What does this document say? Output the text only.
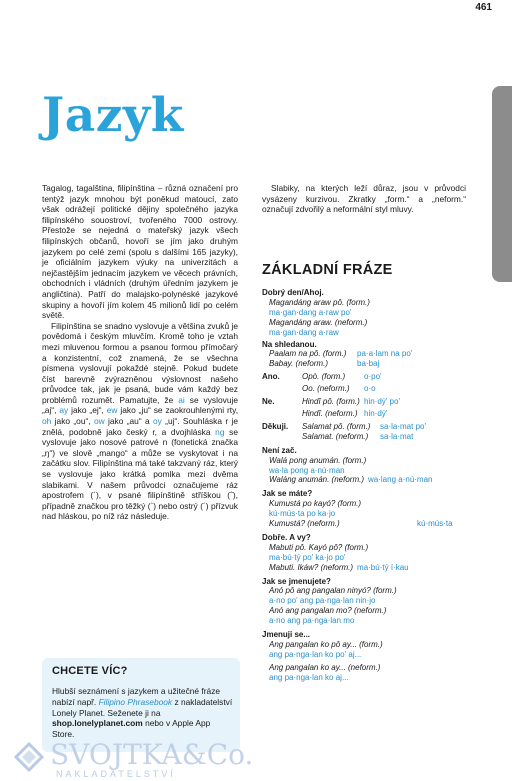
461
Jazyk

Tagalog, tagalština, filipínština – různá označení pro tentýž jazyk mnohou být poněkud matoucí, zato však odrážejí politické dějiny společného jazyka filipínského souostroví, tvořeného 7000 ostrovy. Přestože se nejedná o mateřský jazyk všech filipínských občanů, hovoří se jím jako druhým jazykem po celé zemi (spolu s dalšími 165 jazyky), je oficiálním jazykem výuky na univerzitách a nejčastějším jednacím jazykem ve věcech právních, obchodních i vládních (druhým úředním jazykem je angličtina). Patří do malajsko-polynéské jazykové skupiny a hovoří jím kolem 45 milionů lidí po celém světě.

Filipínština se snadno vyslovuje a většina zvuků je povědomá i českým mluvčím. Kromě toho je vztah mezi mluvenou formou a psanou formou přímočarý a konzistentní, což znamená, že se všechna písmena vyslovují pokaždé stejně. Pokud budete číst barevně zvýrazněnou výslovnost našeho průvodce tak, jak je psaná, bude vám každý bez problémů rozumět. Pamatujte, že ai se vyslovuje „aj“, ay jako „ej“, ew jako „ju“ se zaokrouhlenými rty, oh jako „ou“, ow jako „au“ a oy „uj“. Souhláska r je znělá, podobně jako český r, a dvojhláska ng se vyslovuje jako nosové patrové n (fonetická značka „ŋ“) ve slově „mango“ a může se vyskytovat i na začátku slov. Filipínština má také takzvaný ráz, který se vyslovuje jako krátká pomlka mezi dvěma slabikami. V našem průvodci označujeme ráz apostrofem (´), v psané filipínštině stříškou (ˆ), případně značkou pro těžký (`) nebo ostrý (´) přízvuk nad hláskou, po níž ráz následuje.

CHCETE VÍC?
Hlubší seznámení s jazykem a užitečné fráze nabízí např. Filipino Phrasebook z nakladatelství Lonely Planet. Seženete ji na shop.lonelyplanet.com nebo v Apple App Store.

Slabiky, na kterých leží důraz, jsou v průvodci vysázeny kurzivou. Zkratky „form.“ a „neform.“ označují zdvořilý a neformální styl mluvy.

ZÁKLADNÍ FRÁZE
Dobrý den/Ahoj.
Magandáng araw pô. (form.)
ma·gan·dang a·raw po'
Magandáng araw. (neform.)
ma·gan·dang a·raw
Na shledanou.
Paalam na pô. (form.)	pa·a·lam na po'
Babay. (neform.)	ba·baj
Ano.	Opò. (form.)	o·po'
Oo. (neform.)	o·o
Ne.	Hindî pô. (form.) hin·dý' po'
Hindî. (neform.) hin·dý'
Děkuji.	Salamat pô. (form.)	sa·la·mat po'
Salamat. (neform.)	sa·la·mat
Není zač.
Walá pong anumán. (form.)
wa·la pong a·nú·man
Waláng anumán. (neform.) wa·lang a·nú·man
Jak se máte?
Kumustá po kayó? (form.)
kú·mús·ta po ka·jo
Kumustá? (neform.)	kú·mús·ta
Dobře. A vy?
Mabuti pô. Kayó pô? (form.)
ma·bú·tý po' ka·jo po'
Mabuti. Ikáw? (neform.) ma·bú·tý í·kau
Jak se jmenujete?
Anó pô ang pangalan ninyó? (form.)
a·no po' ang pa·nga·lan nin·jo
Anó ang pangalan mo? (neform.)
a·no ang pa·nga·lan mo
Jmenuji se...
Ang pangalan ko pô ay... (form.)
ang pa·nga·lan ko po' aj...
Ang pangalan ko ay... (neform.)
ang pa·nga·lan ko aj...
SVOJTKA&Co.
NAKLADATELSTVÍ
